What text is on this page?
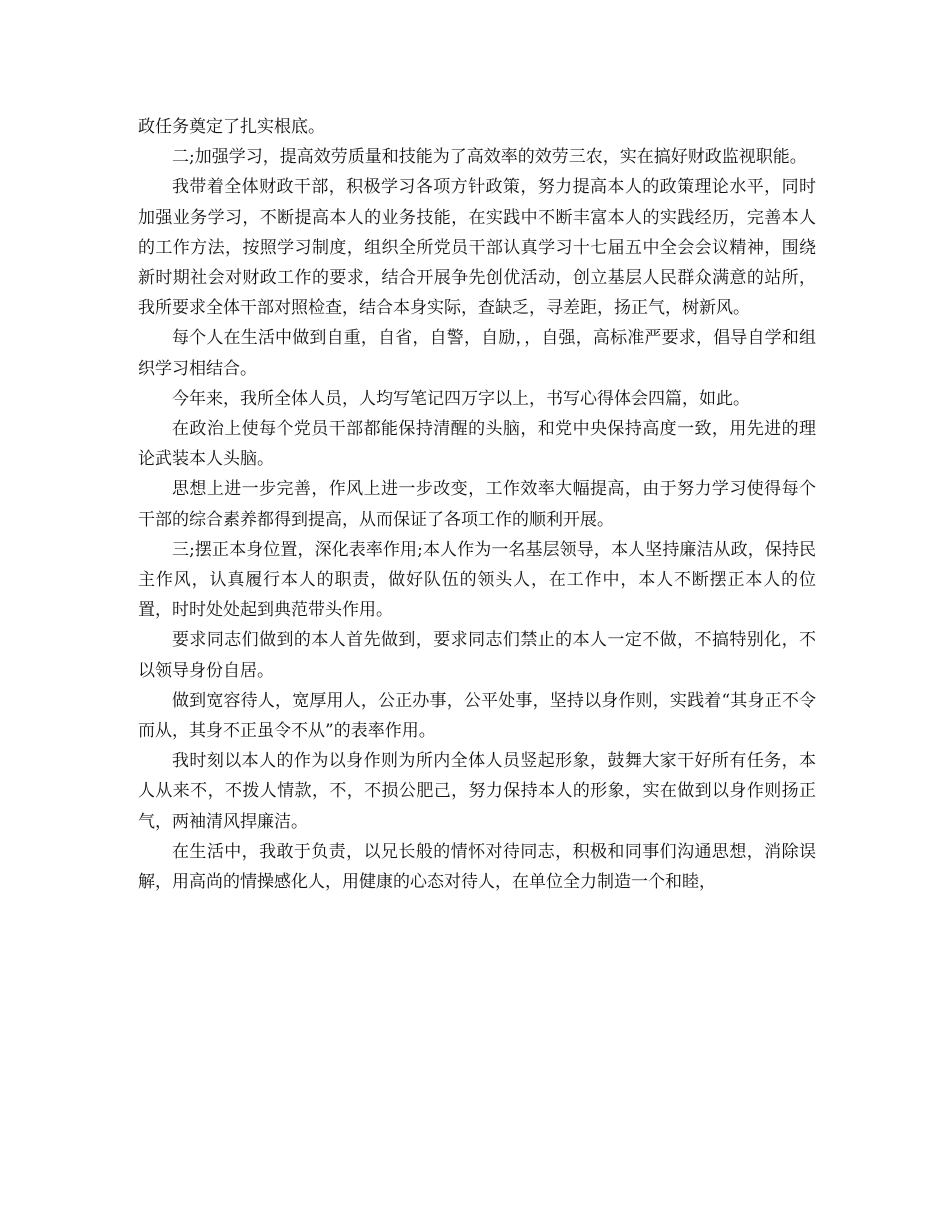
政任务奠定了扎实根底。

二;加强学习，提高效劳质量和技能为了高效率的效劳三农，实在搞好财政监视职能。

我带着全体财政干部，积极学习各项方针政策，努力提高本人的政策理论水平，同时加强业务学习，不断提高本人的业务技能，在实践中不断丰富本人的实践经历，完善本人的工作方法，按照学习制度，组织全所党员干部认真学习十七届五中全会会议精神，围绕新时期社会对财政工作的要求，结合开展争先创优活动，创立基层人民群众满意的站所，我所要求全体干部对照检查，结合本身实际，查缺乏，寻差距，扬正气，树新风。

每个人在生活中做到自重，自省，自警，自励，，自强，高标准严要求，倡导自学和组织学习相结合。

今年来，我所全体人员，人均写笔记四万字以上，书写心得体会四篇，如此。

在政治上使每个党员干部都能保持清醒的头脑，和党中央保持高度一致，用先进的理论武装本人头脑。

思想上进一步完善，作风上进一步改变，工作效率大幅提高，由于努力学习使得每个干部的综合素养都得到提高，从而保证了各项工作的顺利开展。

三;摆正本身位置，深化表率作用;本人作为一名基层领导，本人坚持廉洁从政，保持民主作风，认真履行本人的职责，做好队伍的领头人，在工作中，本人不断摆正本人的位置，时时处处起到典范带头作用。

要求同志们做到的本人首先做到，要求同志们禁止的本人一定不做，不搞特别化，不以领导身份自居。

做到宽容待人，宽厚用人，公正办事，公平处事，坚持以身作则，实践着“其身正不令而从，其身不正虽令不从”的表率作用。

我时刻以本人的作为以身作则为所内全体人员竖起形象，鼓舞大家干好所有任务，本人从来不，不拨人情款，不，不损公肥己，努力保持本人的形象，实在做到以身作则扬正气，两袖清风捍廉洁。

在生活中，我敢于负责，以兄长般的情怀对待同志，积极和同事们沟通思想，消除误解，用高尚的情操感化人，用健康的心态对待人，在单位全力制造一个和睦，
